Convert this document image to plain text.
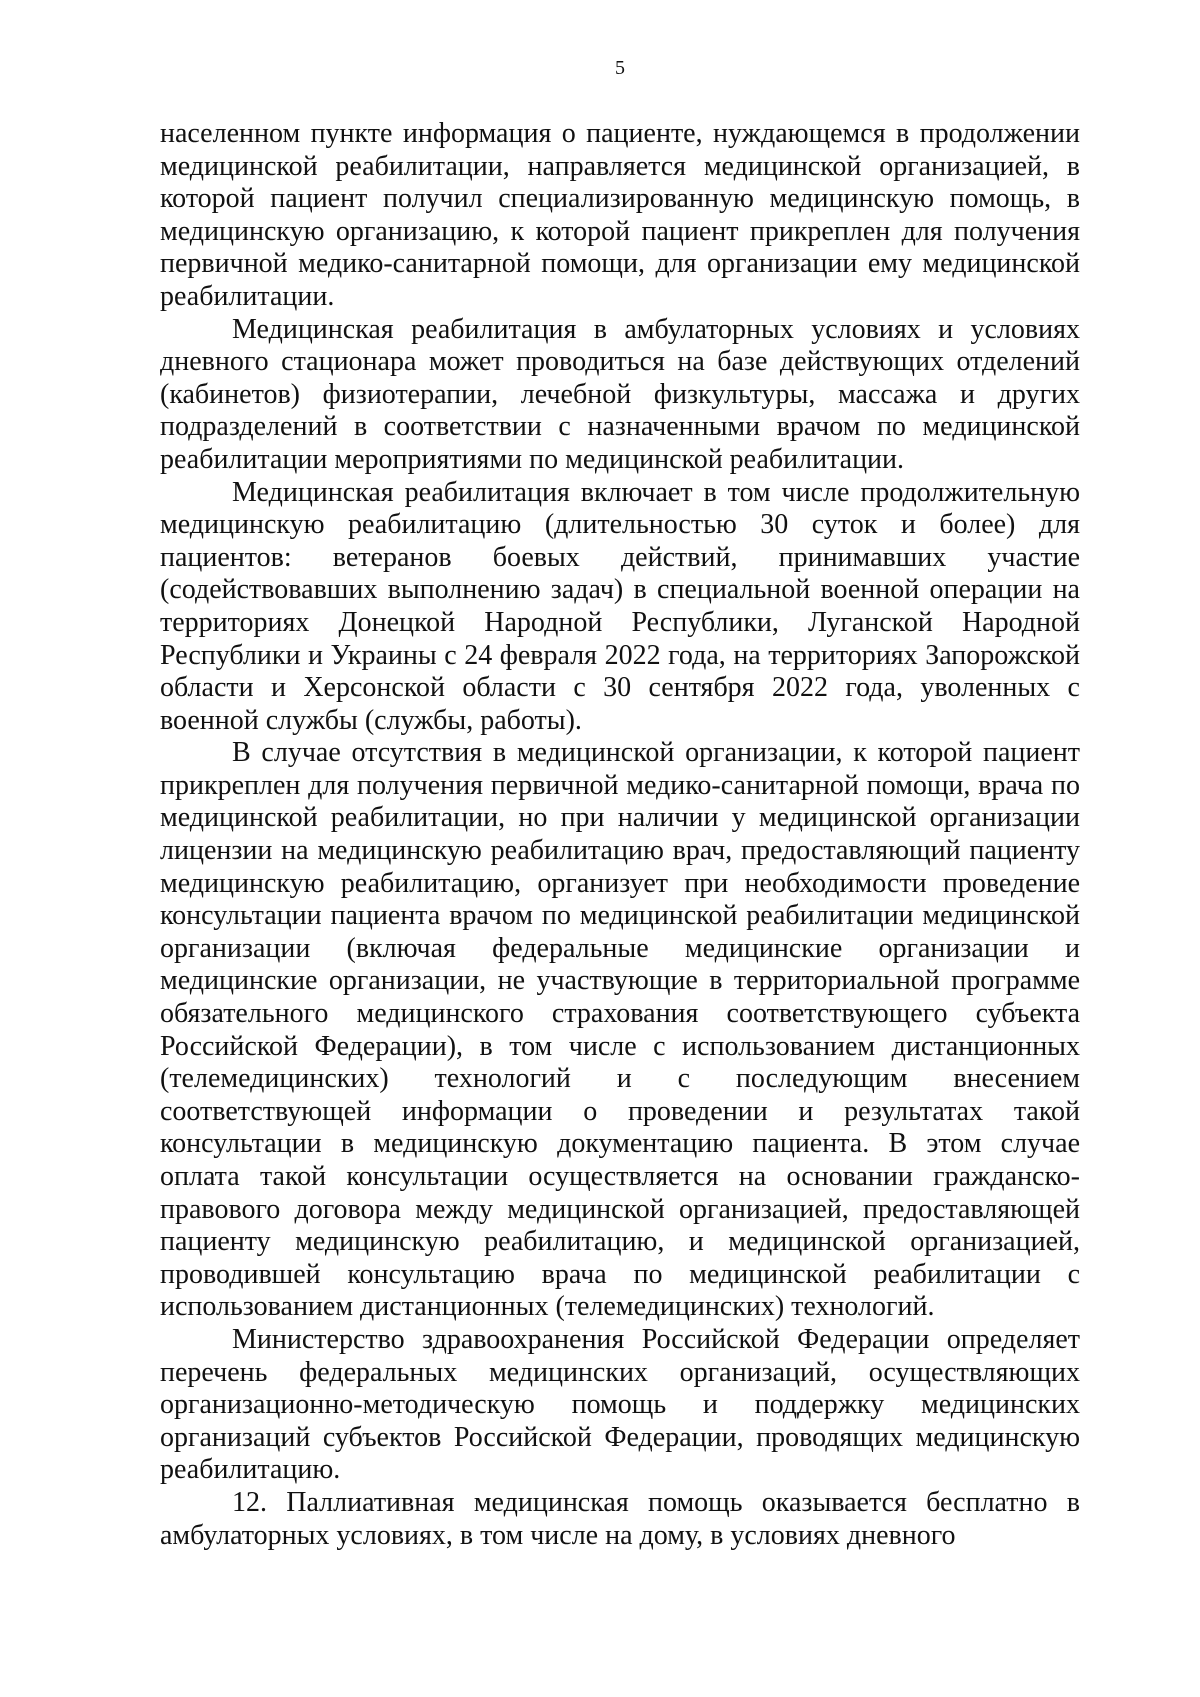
5

населенном пункте информация о пациенте, нуждающемся в продолжении медицинской реабилитации, направляется медицинской организацией, в которой пациент получил специализированную медицинскую помощь, в медицинскую организацию, к которой пациент прикреплен для получения первичной медико-санитарной помощи, для организации ему медицинской реабилитации.

Медицинская реабилитация в амбулаторных условиях и условиях дневного стационара может проводиться на базе действующих отделений (кабинетов) физиотерапии, лечебной физкультуры, массажа и других подразделений в соответствии с назначенными врачом по медицинской реабилитации мероприятиями по медицинской реабилитации.

Медицинская реабилитация включает в том числе продолжительную медицинскую реабилитацию (длительностью 30 суток и более) для пациентов: ветеранов боевых действий, принимавших участие (содействовавших выполнению задач) в специальной военной операции на территориях Донецкой Народной Республики, Луганской Народной Республики и Украины с 24 февраля 2022 года, на территориях Запорожской области и Херсонской области с 30 сентября 2022 года, уволенных с военной службы (службы, работы).

В случае отсутствия в медицинской организации, к которой пациент прикреплен для получения первичной медико-санитарной помощи, врача по медицинской реабилитации, но при наличии у медицинской организации лицензии на медицинскую реабилитацию врач, предоставляющий пациенту медицинскую реабилитацию, организует при необходимости проведение консультации пациента врачом по медицинской реабилитации медицинской организации (включая федеральные медицинские организации и медицинские организации, не участвующие в территориальной программе обязательного медицинского страхования соответствующего субъекта Российской Федерации), в том числе с использованием дистанционных (телемедицинских) технологий и с последующим внесением соответствующей информации о проведении и результатах такой консультации в медицинскую документацию пациента. В этом случае оплата такой консультации осуществляется на основании гражданско-правового договора между медицинской организацией, предоставляющей пациенту медицинскую реабилитацию, и медицинской организацией, проводившей консультацию врача по медицинской реабилитации с использованием дистанционных (телемедицинских) технологий.

Министерство здравоохранения Российской Федерации определяет перечень федеральных медицинских организаций, осуществляющих организационно-методическую помощь и поддержку медицинских организаций субъектов Российской Федерации, проводящих медицинскую реабилитацию.

12. Паллиативная медицинская помощь оказывается бесплатно в амбулаторных условиях, в том числе на дому, в условиях дневного
